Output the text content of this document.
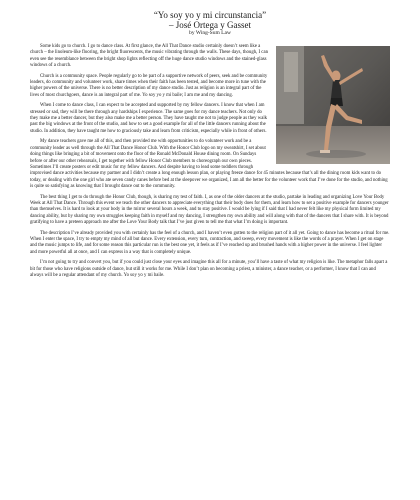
“Yo soy yo y mi circunstancia”
– José Ortega y Gasset
by Wing-Sum Law

Some kids go to church. I go to dance class. At first glance, the All That Dance studio certainly doesn’t seem like a church – the linoleum-like flooring, the bright fluorescents, the music vibrating through the walls. These days, though, I can even see the resemblance between the bright shop lights reflecting off the huge dance studio windows and the stained-glass windows of a church.

Church is a community space. People regularly go to be part of a supportive network of peers, seek and be community leaders, do community and volunteer work, share times when their faith has been tested, and become more in tune with the higher powers of the universe. There is no better description of my dance studio. Just as religion is an integral part of the lives of most churchgoers, dance is an integral part of me. Yo soy yo y mi baile; I am me and my dancing.

When I come to dance class, I can expect to be accepted and supported by my fellow dancers. I know that when I am stressed or sad, they will be there through any hardships I experience. The same goes for my dance teachers. Not only do they make me a better dancer, but they also make me a better person. They have taught me not to judge people as they walk past the big windows at the front of the studio, and how to set a good example for all of the little dancers running about the studio. In addition, they have taught me how to graciously take and learn from criticism, especially while in front of others.

My dance teachers gave me all of this, and then provided me with opportunities to do volunteer work and be a community leader as well through the All That Dance Honor Club. With the Honor Club logo on my sweatshirt, I set about doing things like bringing a bit of movement onto the floor of the Ronald McDonald House dining room. On Sundays before or after our other rehearsals, I get together with fellow Honor Club members to choreograph our own pieces. Sometimes I’ll create posters or edit music for my fellow dancers. And despite having to lead some toddlers through improvised dance activities because my partner and I didn’t create a long enough lesson plan, or playing freeze dance for 45 minutes because that’s all the dining room kids want to do today, or dealing with the one girl who ate seven candy canes before bed at the sleepover we organized, I am all the better for the volunteer work that I’ve done for the studio, and nothing is quite so satisfying as knowing that I brought dance out to the community.

The best thing I get to do through the Honor Club, though, is sharing my test of faith. I, as one of the older dancers at the studio, partake in leading and organizing Love Your Body Week at All That Dance. Through this event we teach the other dancers to appreciate everything that their body does for them, and learn how to set a positive example for dancers younger than themselves. It is hard to look at your body in the mirror several hours a week, and to stay positive. I would be lying if I said that I had never felt like my physical form limited my dancing ability, but by sharing my own struggles keeping faith in myself and my dancing, I strengthen my own ability and will along with that of the dancers that I share with. It is beyond gratifying to have a preteen approach me after the Love Your Body talk that I’ve just given to tell me that what I’m doing is important.

The description I’ve already provided you with certainly has the feel of a church, and I haven’t even gotten to the religion part of it all yet. Going to dance has become a ritual for me. When I enter the space, I try to empty my mind of all but dance. Every extension, every turn, contraction, and sweep, every movement is like the words of a prayer. When I get on stage and the music jumps to life, and for some reason this particular run is the best one yet, it feels as if I’ve reached up and brushed hands with a higher power in the universe. I feel lighter and more powerful all at once, and I can express in a way that is completely unique.

I’m not going to try and convert you, but if you could just close your eyes and imagine this all for a minute, you’ll have a taste of what my religion is like. The metaphor falls apart a bit for those who have religions outside of dance, but still it works for me. While I don’t plan on becoming a priest, a minister, a dance teacher, or a performer, I know that I can and always will be a regular attendant of my church. Yo soy yo y mi baile.
